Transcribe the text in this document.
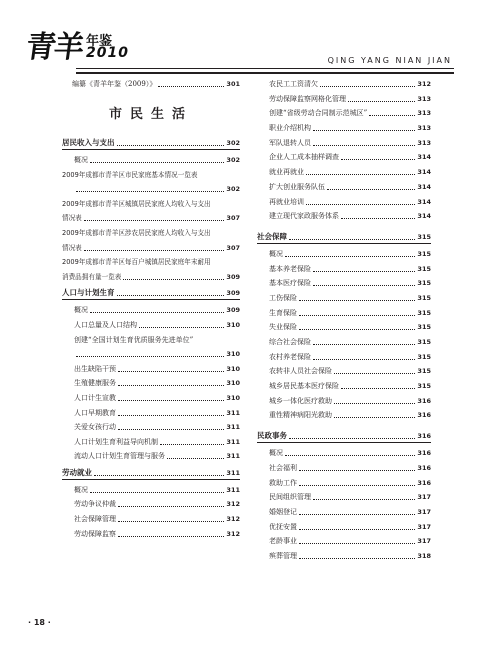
青羊 年鉴
2010	QING YANG NIAN JIAN
编纂《青羊年鉴（2009）》	301
市民生活
居民收入与支出	302
概况	302
2009年成都市青羊区市民家庭基本情况一览表
302
2009年成都市青羊区城镇居民家庭人均收入与支出
情况表	307
2009年成都市青羊区涉农居民家庭人均收入与支出
情况表	307
2009年成都市青羊区每百户城镇居民家庭年末耐用
消费品拥有量一览表	309
人口与计划生育	309
概况	309
人口总量及人口结构	310
创建“全国计划生育优质服务先进单位”
310
出生缺陷干预	310
生殖健康服务	310
人口计生宣教	310
人口早期教育	311
关爱女孩行动	311
人口计划生育利益导向机制	311
流动人口计划生育管理与服务	311
劳动就业	311
概况	311
劳动争议仲裁	312
社会保障管理	312
劳动保障监察	312
农民工工资清欠	312
劳动保障监察网格化管理	313
创建“省级劳动合同制示范城区”	313
职业介绍机构	313
军队退转人员	313
企业人工成本抽样调查	314
就业再就业	314
扩大创业服务队伍	314
再就业培训	314
建立现代家政服务体系	314
社会保障	315
概况	315
基本养老保险	315
基本医疗保险	315
工伤保险	315
生育保险	315
失业保险	315
综合社会保险	315
农村养老保险	315
农转非人员社会保险	315
城乡居民基本医疗保险	315
城乡一体化医疗救助	316
重性精神病阳光救助	316
民政事务	316
概况	316
社会福利	316
救助工作	316
民间组织管理	317
婚姻登记	317
优抚安置	317
老龄事业	317
殡葬管理	318
· 18 ·
